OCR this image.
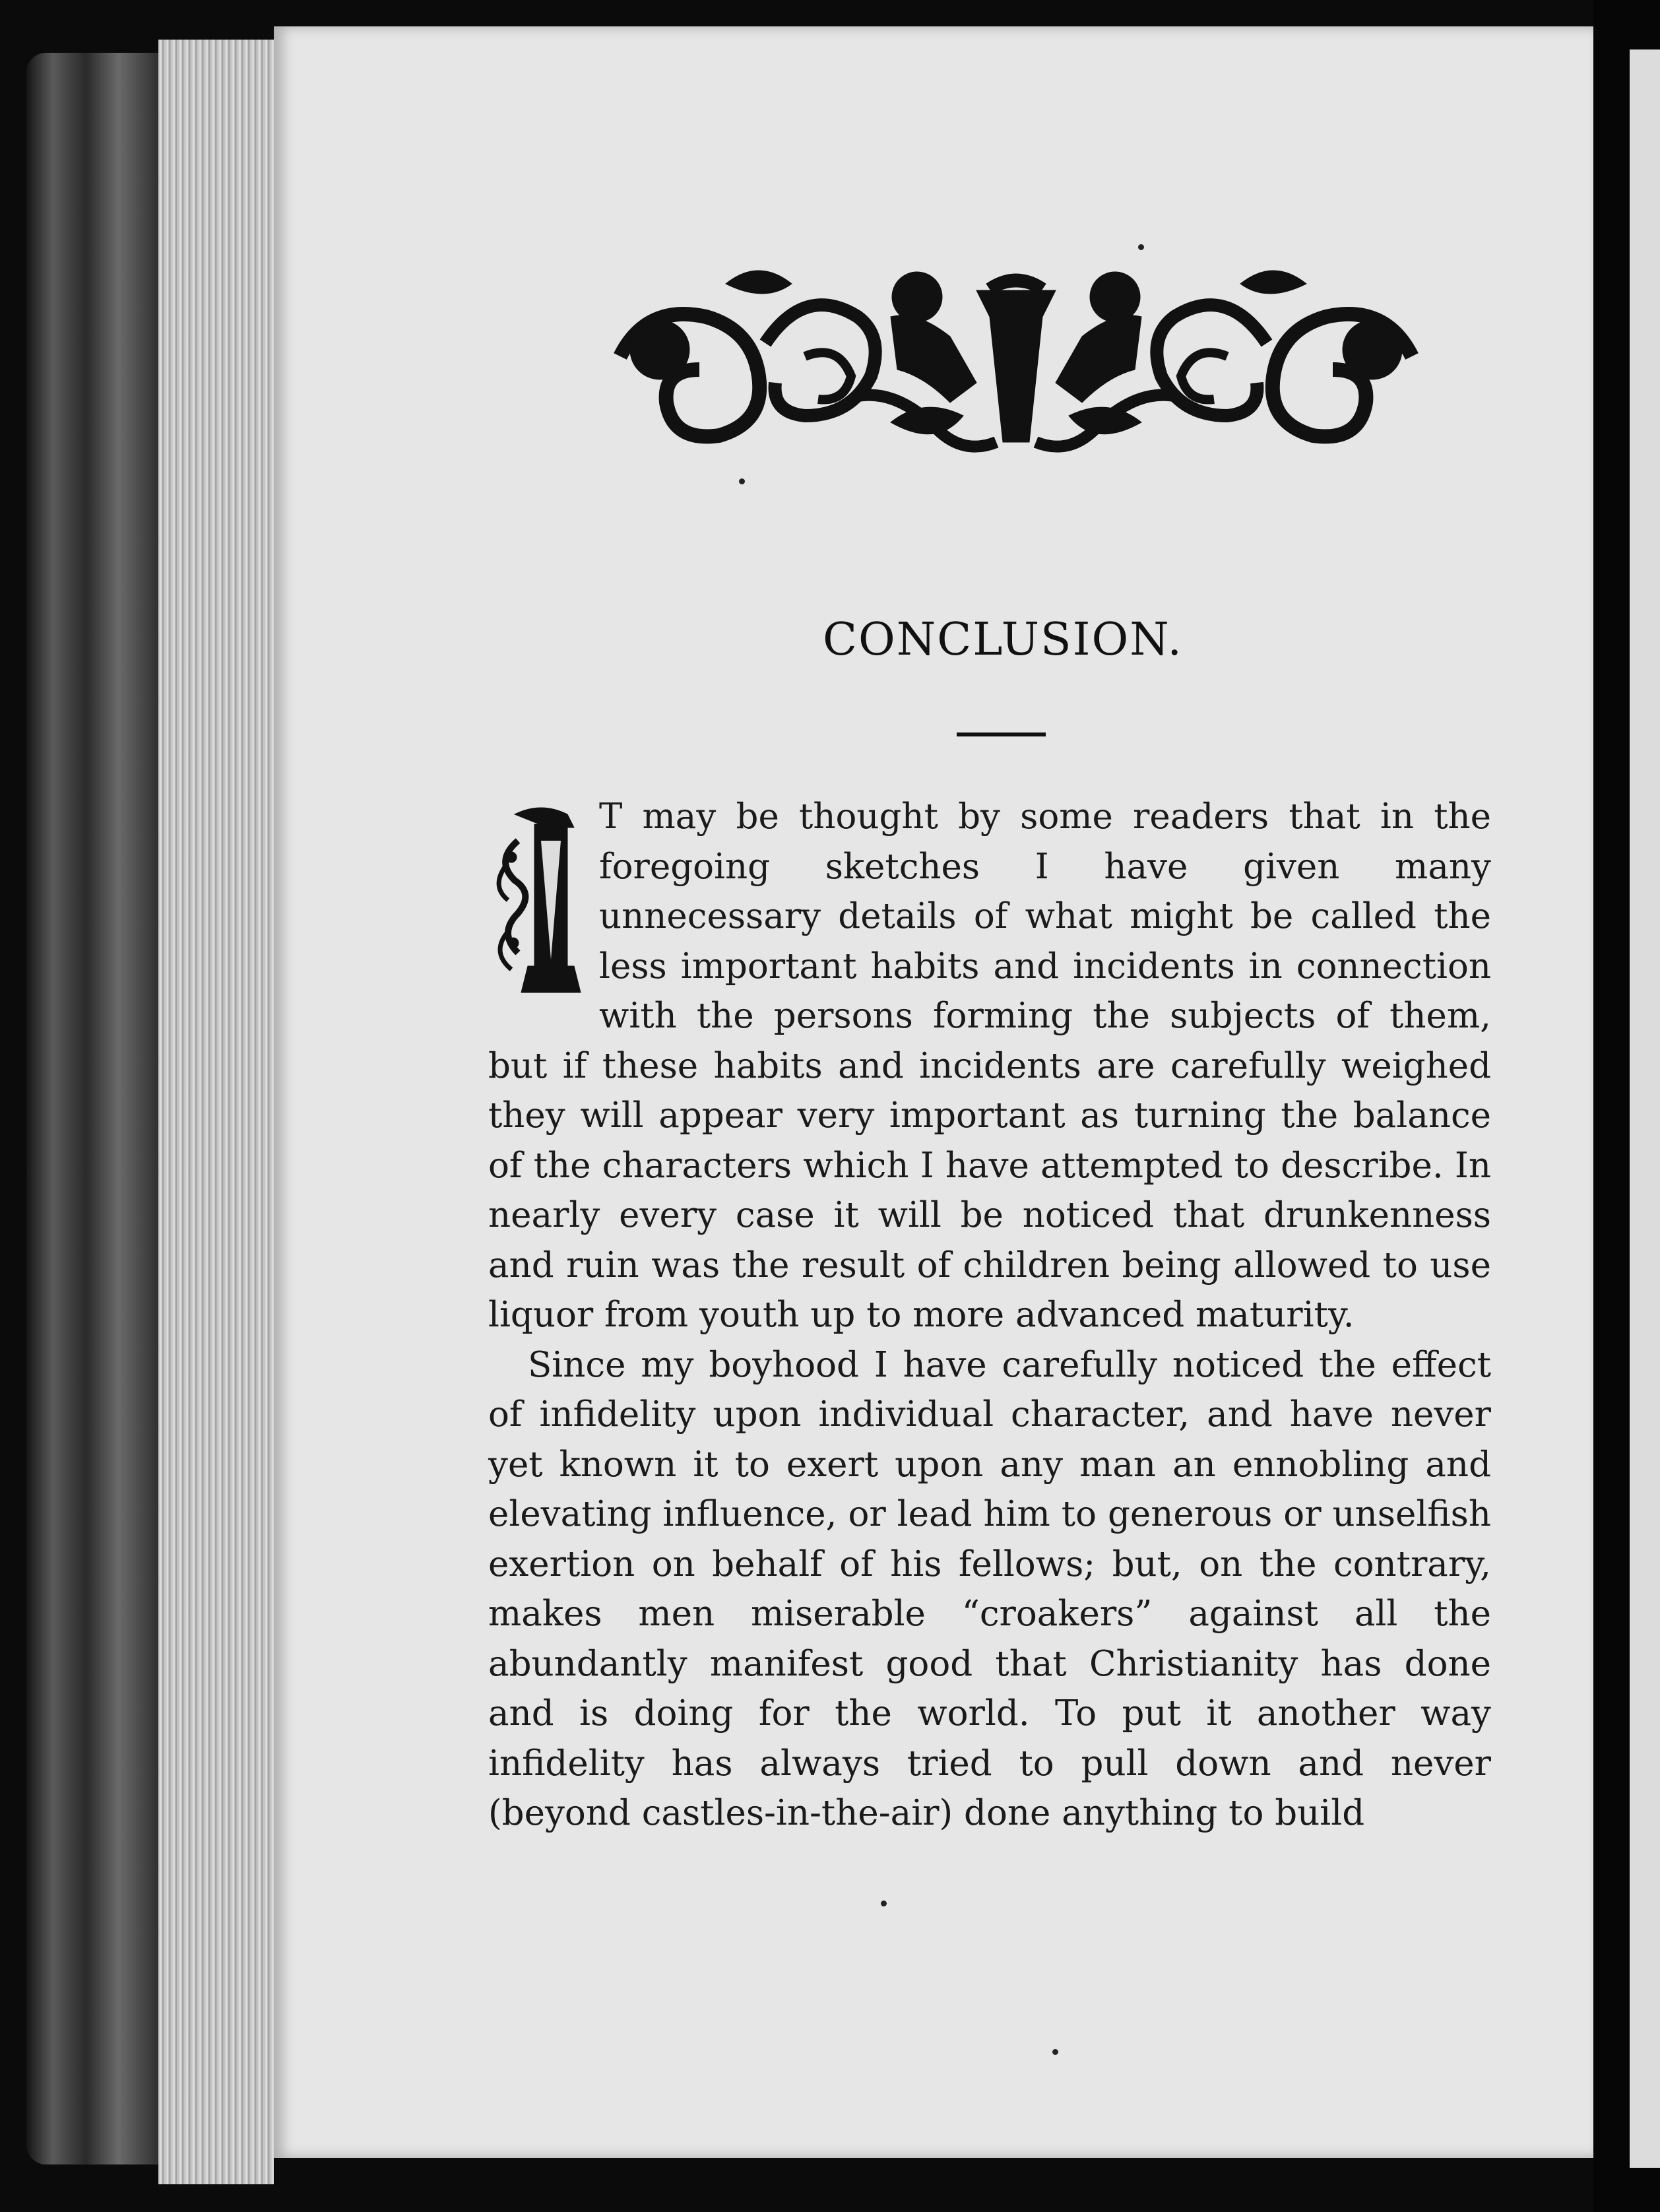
CONCLUSION.

T may be thought by some readers that in the foregoing sketches I have given many unnecessary details of what might be called the less important habits and incidents in connection with the persons forming the subjects of them, but if these habits and incidents are carefully weighed they will appear very important as turning the balance of the characters which I have attempted to describe. In nearly every case it will be noticed that drunkenness and ruin was the result of children being allowed to use liquor from youth up to more advanced maturity.

Since my boyhood I have carefully noticed the effect of infidelity upon individual character, and have never yet known it to exert upon any man an ennobling and elevating influence, or lead him to generous or unselfish exertion on behalf of his fellows; but, on the contrary, makes men miserable “croakers” against all the abundantly manifest good that Christianity has done and is doing for the world. To put it another way infidelity has always tried to pull down and never (beyond castles-in-the-air) done anything to build
